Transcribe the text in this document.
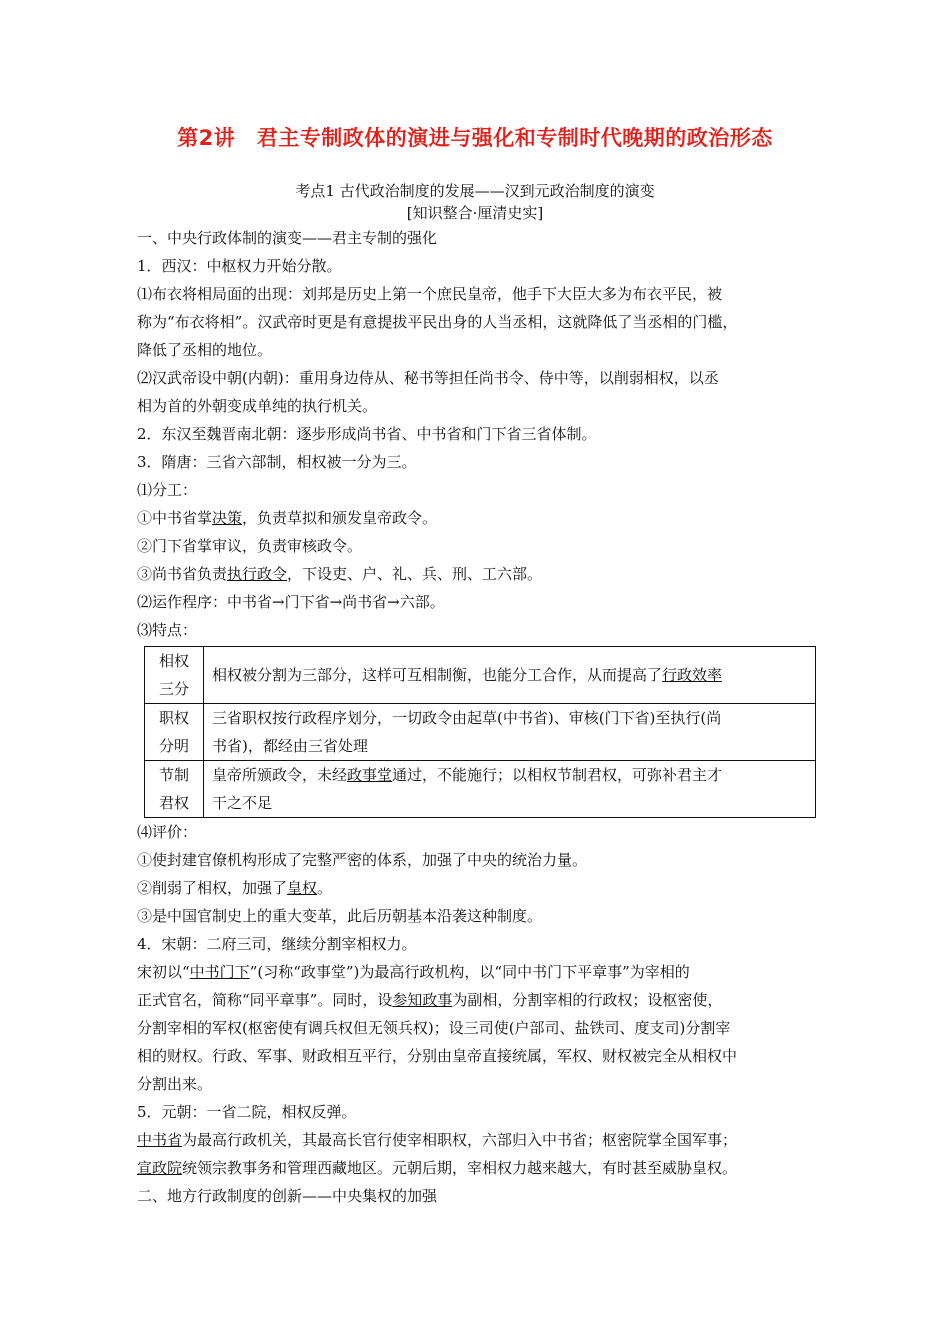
第2讲　君主专制政体的演进与强化和专制时代晚期的政治形态
考点1 古代政治制度的发展——汉到元政治制度的演变
[知识整合·厘清史实]
一、中央行政体制的演变——君主专制的强化
1．西汉：中枢权力开始分散。
⑴布衣将相局面的出现：刘邦是历史上第一个庶民皇帝，他手下大臣大多为布衣平民，被
称为“布衣将相”。汉武帝时更是有意提拔平民出身的人当丞相，这就降低了当丞相的门槛，
降低了丞相的地位。
⑵汉武帝设中朝(内朝)：重用身边侍从、秘书等担任尚书令、侍中等，以削弱相权，以丞
相为首的外朝变成单纯的执行机关。
2．东汉至魏晋南北朝：逐步形成尚书省、中书省和门下省三省体制。
3．隋唐：三省六部制，相权被一分为三。
⑴分工：
①中书省掌决策，负责草拟和颁发皇帝政令。
②门下省掌审议，负责审核政令。
③尚书省负责执行政令，下设吏、户、礼、兵、刑、工六部。
⑵运作程序：中书省→门下省→尚书省→六部。
⑶特点：
相权
三分	相权被分割为三部分，这样可互相制衡，也能分工合作，从而提高了行政效率

职权
分明	三省职权按行政程序划分，一切政令由起草(中书省)、审核(门下省)至执行(尚
书省)，都经由三省处理

节制
君权	皇帝所颁政令，未经政事堂通过，不能施行；以相权节制君权，可弥补君主才
干之不足
⑷评价：
①使封建官僚机构形成了完整严密的体系，加强了中央的统治力量。
②削弱了相权，加强了皇权。
③是中国官制史上的重大变革，此后历朝基本沿袭这种制度。
4．宋朝：二府三司，继续分割宰相权力。
宋初以“中书门下”(习称“政事堂”)为最高行政机构，以“同中书门下平章事”为宰相的
正式官名，简称“同平章事”。同时，设参知政事为副相，分割宰相的行政权；设枢密使，
分割宰相的军权(枢密使有调兵权但无领兵权)；设三司使(户部司、盐铁司、度支司)分割宰
相的财权。行政、军事、财政相互平行，分别由皇帝直接统属，军权、财权被完全从相权中
分割出来。
5．元朝：一省二院，相权反弹。
中书省为最高行政机关，其最高长官行使宰相职权，六部归入中书省；枢密院掌全国军事；
宣政院统领宗教事务和管理西藏地区。元朝后期，宰相权力越来越大，有时甚至威胁皇权。
二、地方行政制度的创新——中央集权的加强
